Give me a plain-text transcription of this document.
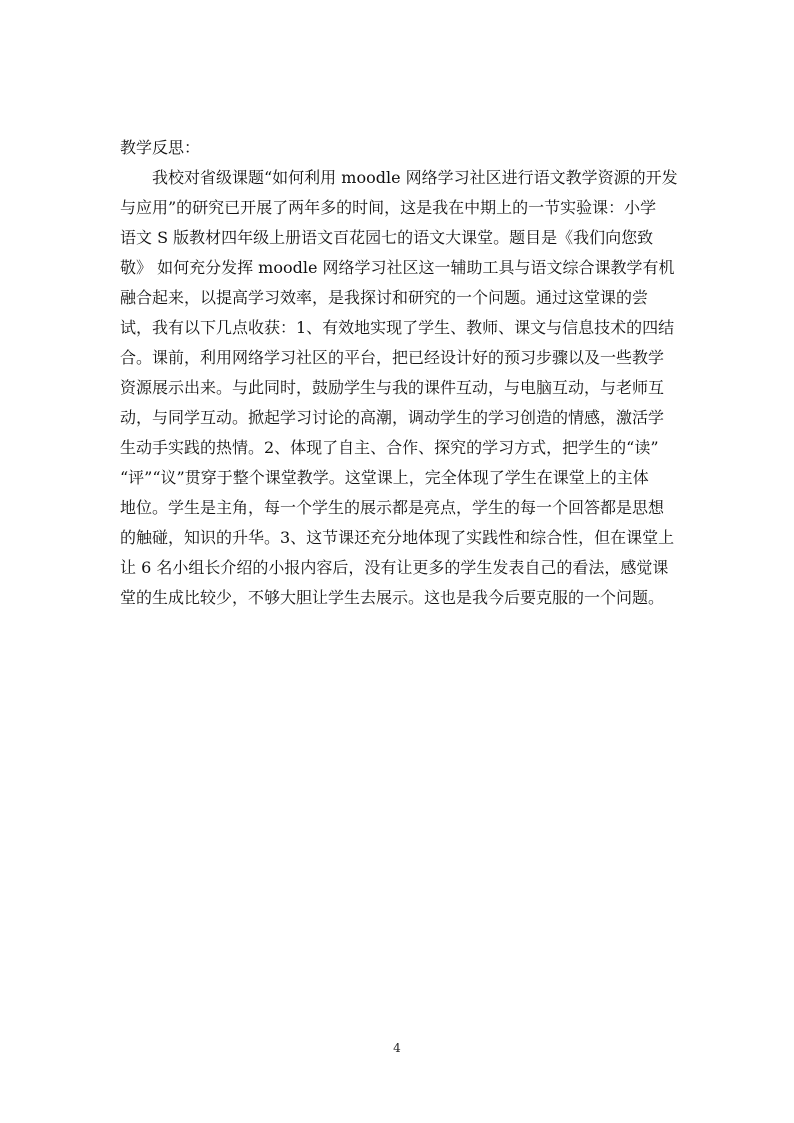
教学反思：
我校对省级课题“如何利用 moodle 网络学习社区进行语文教学资源的开发
与应用”的研究已开展了两年多的时间，这是我在中期上的一节实验课：小学
语文 S 版教材四年级上册语文百花园七的语文大课堂。题目是《我们向您致
敬》 如何充分发挥 moodle 网络学习社区这一辅助工具与语文综合课教学有机
融合起来，以提高学习效率，是我探讨和研究的一个问题。通过这堂课的尝
试，我有以下几点收获：1、有效地实现了学生、教师、课文与信息技术的四结
合。课前，利用网络学习社区的平台，把已经设计好的预习步骤以及一些教学
资源展示出来。与此同时，鼓励学生与我的课件互动，与电脑互动，与老师互
动，与同学互动。掀起学习讨论的高潮，调动学生的学习创造的情感，激活学
生动手实践的热情。2、体现了自主、合作、探究的学习方式，把学生的“读”
“评”“议”贯穿于整个课堂教学。这堂课上，完全体现了学生在课堂上的主体
地位。学生是主角，每一个学生的展示都是亮点，学生的每一个回答都是思想
的触碰，知识的升华。3、这节课还充分地体现了实践性和综合性，但在课堂上
让 6 名小组长介绍的小报内容后，没有让更多的学生发表自己的看法，感觉课
堂的生成比较少，不够大胆让学生去展示。这也是我今后要克服的一个问题。
4
